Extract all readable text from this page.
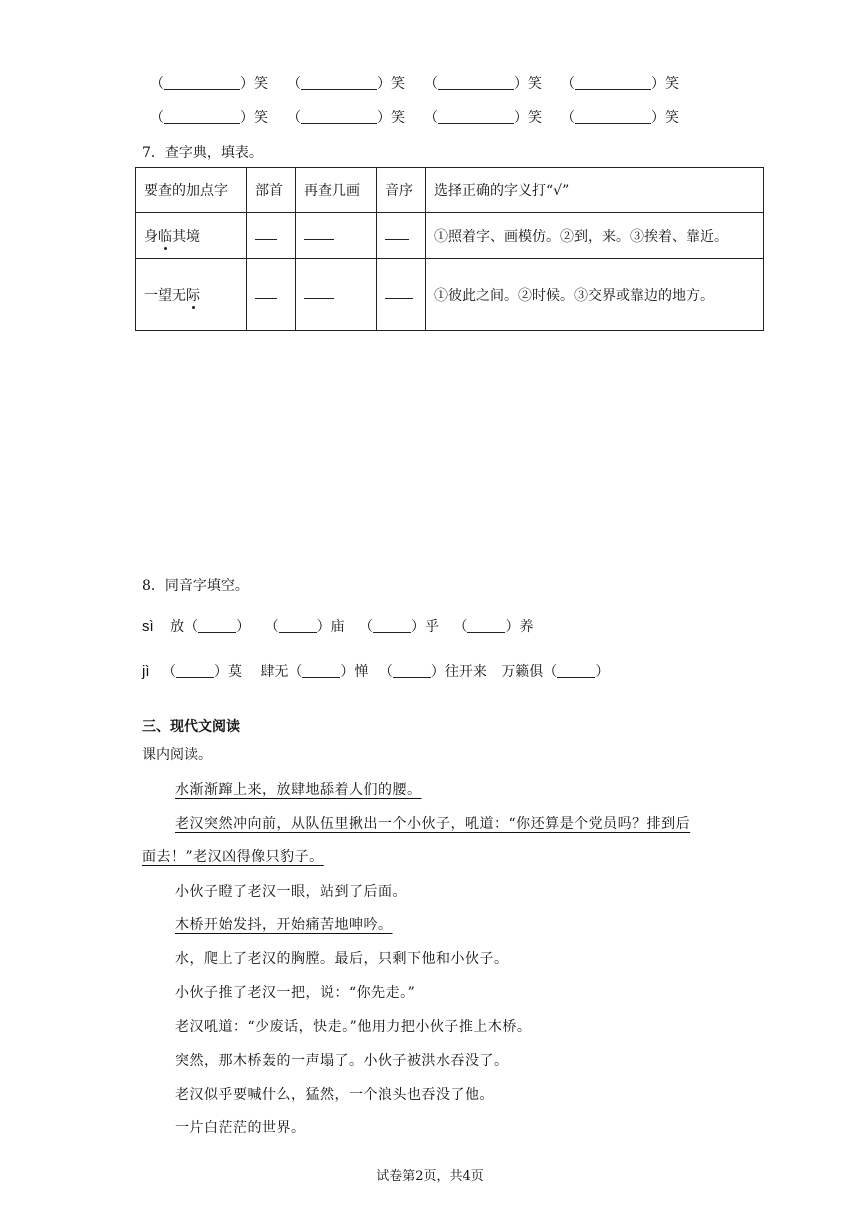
（	）笑 （	）笑 （	）笑 （	）笑
（	）笑 （	）笑 （	）笑 （	）笑
7．查字典，填表。
要查的加点字	部首	再查几画	音序	选择正确的字义打“√”
身临其境				①照着字、画模仿。②到，来。③挨着、靠近。
一望无际				①彼此之间。②时候。③交界或靠边的地方。
8．同音字填空。
sì 放（	） （	）庙 （	）乎 （	）养
jì （	）莫 肆无（	）惮 （	）往开来 万籁俱（	）
三、现代文阅读
课内阅读。
水渐渐蹿上来，放肆地舔着人们的腰。
老汉突然冲向前，从队伍里揪出一个小伙子，吼道：“你还算是个党员吗？排到后
面去！”老汉凶得像只豹子。
小伙子瞪了老汉一眼，站到了后面。
木桥开始发抖，开始痛苦地呻吟。
水，爬上了老汉的胸膛。最后，只剩下他和小伙子。
小伙子推了老汉一把，说：“你先走。”
老汉吼道：“少废话，快走。”他用力把小伙子推上木桥。
突然，那木桥轰的一声塌了。小伙子被洪水吞没了。
老汉似乎要喊什么，猛然，一个浪头也吞没了他。
一片白茫茫的世界。
试卷第2页，共4页
